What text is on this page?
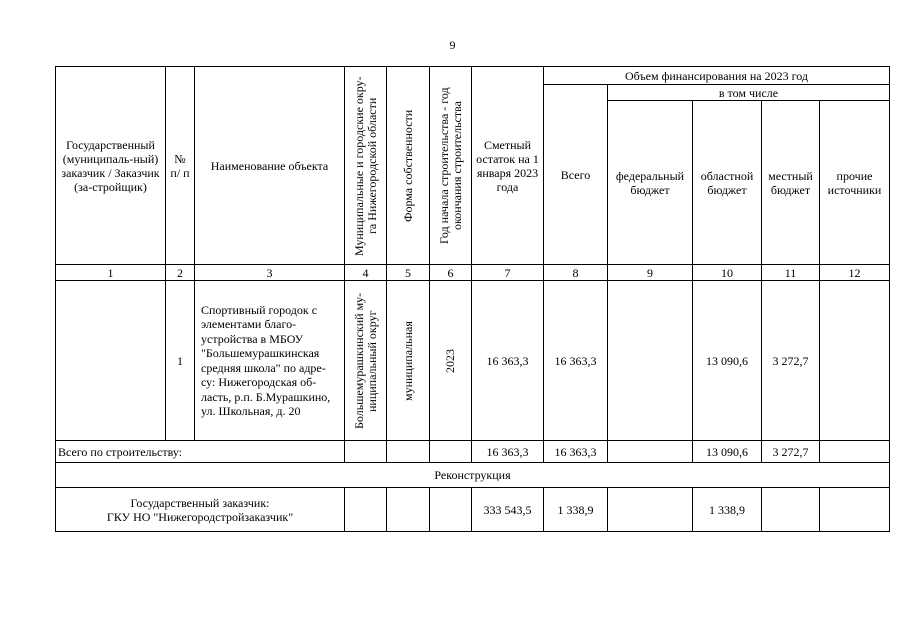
9
Государственный (муниципаль-ный) заказчик / Заказчик (за-стройщик)	№ п/ п	Наименование объекта	Муниципальные и городские окру-га Нижегородской области	Форма собственности	Год начала строительства - год окончания строительства	Сметный остаток на 1 января 2023 года	Объем финансирования на 2023 год				
							Всего	в том числе			
								федеральный бюджет	областной бюджет	местный бюджет	прочие источники
1	2	3	4	5	6	7	8	9	10	11	12
	1	Спортивный городок с элементами благо-устройства в МБОУ "Большемурашкинская средняя школа" по адре-су: Нижегородская об-ласть, р.п. Б.Мурашкино, ул. Школьная, д. 20	Большемурашкинский му-ниципальный округ	муниципальная	2023	16 363,3	16 363,3		13 090,6	3 272,7	
Всего по строительству:						16 363,3	16 363,3		13 090,6	3 272,7	
Реконструкция											

Государственный заказчик:
ГКУ НО "Нижегородстройзаказчик"						333 543,5	1 338,9		1 338,9		
